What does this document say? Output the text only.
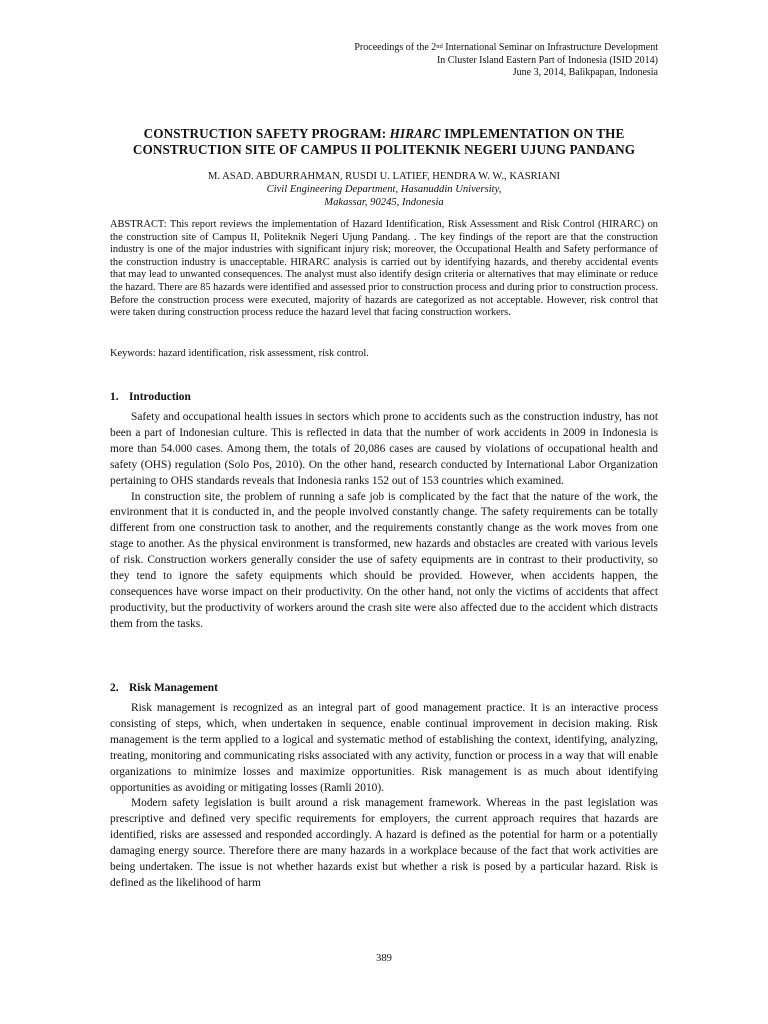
Proceedings of the 2nd International Seminar on Infrastructure Development
In Cluster Island Eastern Part of Indonesia (ISID 2014)
June 3, 2014, Balikpapan, Indonesia
CONSTRUCTION SAFETY PROGRAM: HIRARC IMPLEMENTATION ON THE
CONSTRUCTION SITE OF CAMPUS II POLITEKNIK NEGERI UJUNG PANDANG
M. ASAD. ABDURRAHMAN, RUSDI U. LATIEF, HENDRA W. W., KASRIANI
Civil Engineering Department, Hasanuddin University,
Makassar, 90245, Indonesia
ABSTRACT: This report reviews the implementation of Hazard Identification, Risk Assessment and Risk Control (HIRARC) on the construction site of Campus II, Politeknik Negeri Ujung Pandang. . The key findings of the report are that the construction industry is one of the major industries with significant injury risk; moreover, the Occupational Health and Safety performance of the construction industry is unacceptable. HIRARC analysis is carried out by identifying hazards, and thereby accidental events that may lead to unwanted consequences. The analyst must also identify design criteria or alternatives that may eliminate or reduce the hazard. There are 85 hazards were identified and assessed prior to construction process and during prior to construction process. Before the construction process were executed, majority of hazards are categorized as not acceptable. However, risk control that were taken during construction process reduce the hazard level that facing construction workers.
Keywords: hazard identification, risk assessment, risk control.
1. Introduction

Safety and occupational health issues in sectors which prone to accidents such as the construction industry, has not been a part of Indonesian culture. This is reflected in data that the number of work accidents in 2009 in Indonesia is more than 54.000 cases. Among them, the totals of 20,086 cases are caused by violations of occupational health and safety (OHS) regulation (Solo Pos, 2010). On the other hand, research conducted by International Labor Organization pertaining to OHS standards reveals that Indonesia ranks 152 out of 153 countries which examined.

In construction site, the problem of running a safe job is complicated by the fact that the nature of the work, the environment that it is conducted in, and the people involved constantly change. The safety requirements can be totally different from one construction task to another, and the requirements constantly change as the work moves from one stage to another. As the physical environment is transformed, new hazards and obstacles are created with various levels of risk. Construction workers generally consider the use of safety equipments are in contrast to their productivity, so they tend to ignore the safety equipments which should be provided. However, when accidents happen, the consequences have worse impact on their productivity. On the other hand, not only the victims of accidents that affect productivity, but the productivity of workers around the crash site were also affected due to the accident which distracts them from the tasks.

2. Risk Management

Risk management is recognized as an integral part of good management practice. It is an interactive process consisting of steps, which, when undertaken in sequence, enable continual improvement in decision making. Risk management is the term applied to a logical and systematic method of establishing the context, identifying, analyzing, treating, monitoring and communicating risks associated with any activity, function or process in a way that will enable organizations to minimize losses and maximize opportunities. Risk management is as much about identifying opportunities as avoiding or mitigating losses (Ramli 2010).

Modern safety legislation is built around a risk management framework. Whereas in the past legislation was prescriptive and defined very specific requirements for employers, the current approach requires that hazards are identified, risks are assessed and responded accordingly. A hazard is defined as the potential for harm or a potentially damaging energy source. Therefore there are many hazards in a workplace because of the fact that work activities are being undertaken. The issue is not whether hazards exist but whether a risk is posed by a particular hazard. Risk is defined as the likelihood of harm

389
